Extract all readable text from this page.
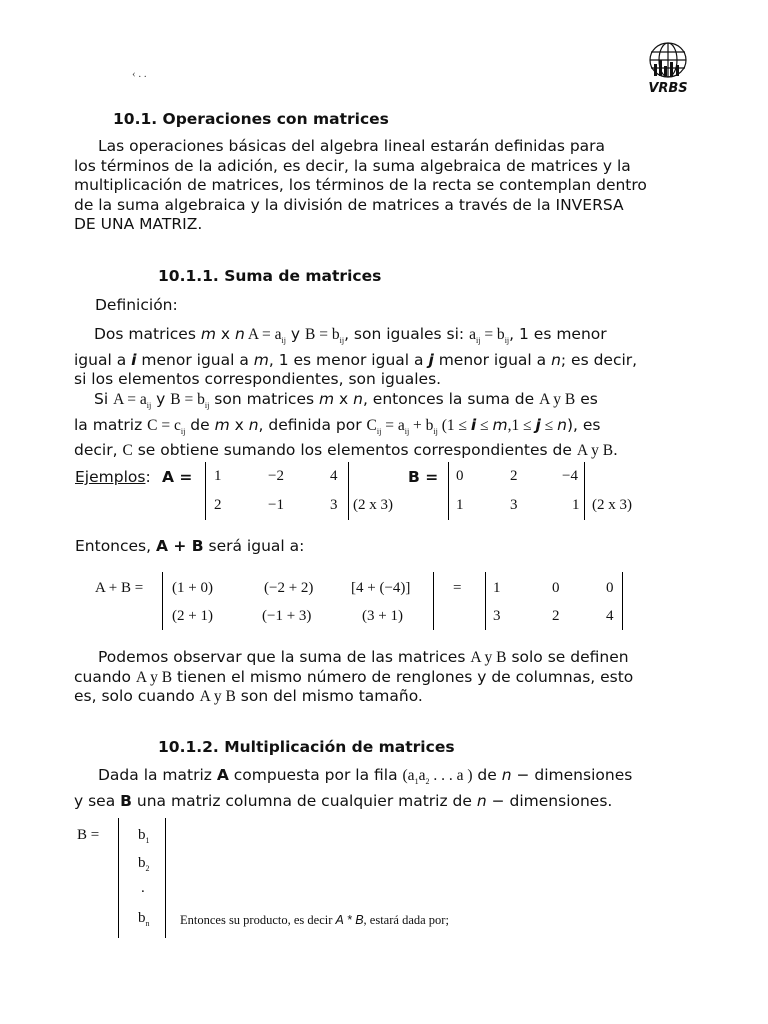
‹ . .
VRBS
10.1. Operaciones con matrices
Las operaciones básicas del algebra lineal estarán definidas para
los términos de la adición, es decir, la suma algebraica de matrices y la
multiplicación de matrices, los términos de la recta se contemplan dentro
de la suma algebraica y la división de matrices a través de la INVERSA
DE UNA MATRIZ.
10.1.1. Suma de matrices
Definición:
Dos matrices m x n $A = a_{ij}$ y $B = b_{ij}$, son iguales si: $a_{ij} = b_{ij}$, 1 es menor
igual a i menor igual a m, 1 es menor igual a j menor igual a n; es decir,
si los elementos correspondientes, son iguales.
Si $A = a_{ij}$ y $B = b_{ij}$ son matrices m x n, entonces la suma de A y B es
la matriz $C = c_{ij}$ de m x n, definida por $C_{ij} = a_{ij} + b_{ij}$ (1 ≤ i ≤ m,1 ≤ j ≤ n), es
decir, C se obtiene sumando los elementos correspondientes de A y B.
Ejemplos: A = 1	−2	4
2	−1	3 (2 x 3)
B = 0	2	−4
1	3	1 (2 x 3)
Entonces, A + B será igual a:
A + B = (1 + 0)	(−2 + 2)	[4 + (−4)]
(2 + 1)	(−1 + 3)	(3 + 1)
= 1	0	0
3	2	4
Podemos observar que la suma de las matrices A y B solo se definen
cuando A y B tienen el mismo número de renglones y de columnas, esto
es, solo cuando A y B son del mismo tamaño.
10.1.2. Multiplicación de matrices
Dada la matriz A compuesta por la fila ($a_1a_2$ . . . a ) de n − dimensiones
y sea B una matriz columna de cualquier matriz de n − dimensiones.
B =	$b_1$
$b_2$
.
$b_n$ Entonces su producto, es decir A * B, estará dada por;
